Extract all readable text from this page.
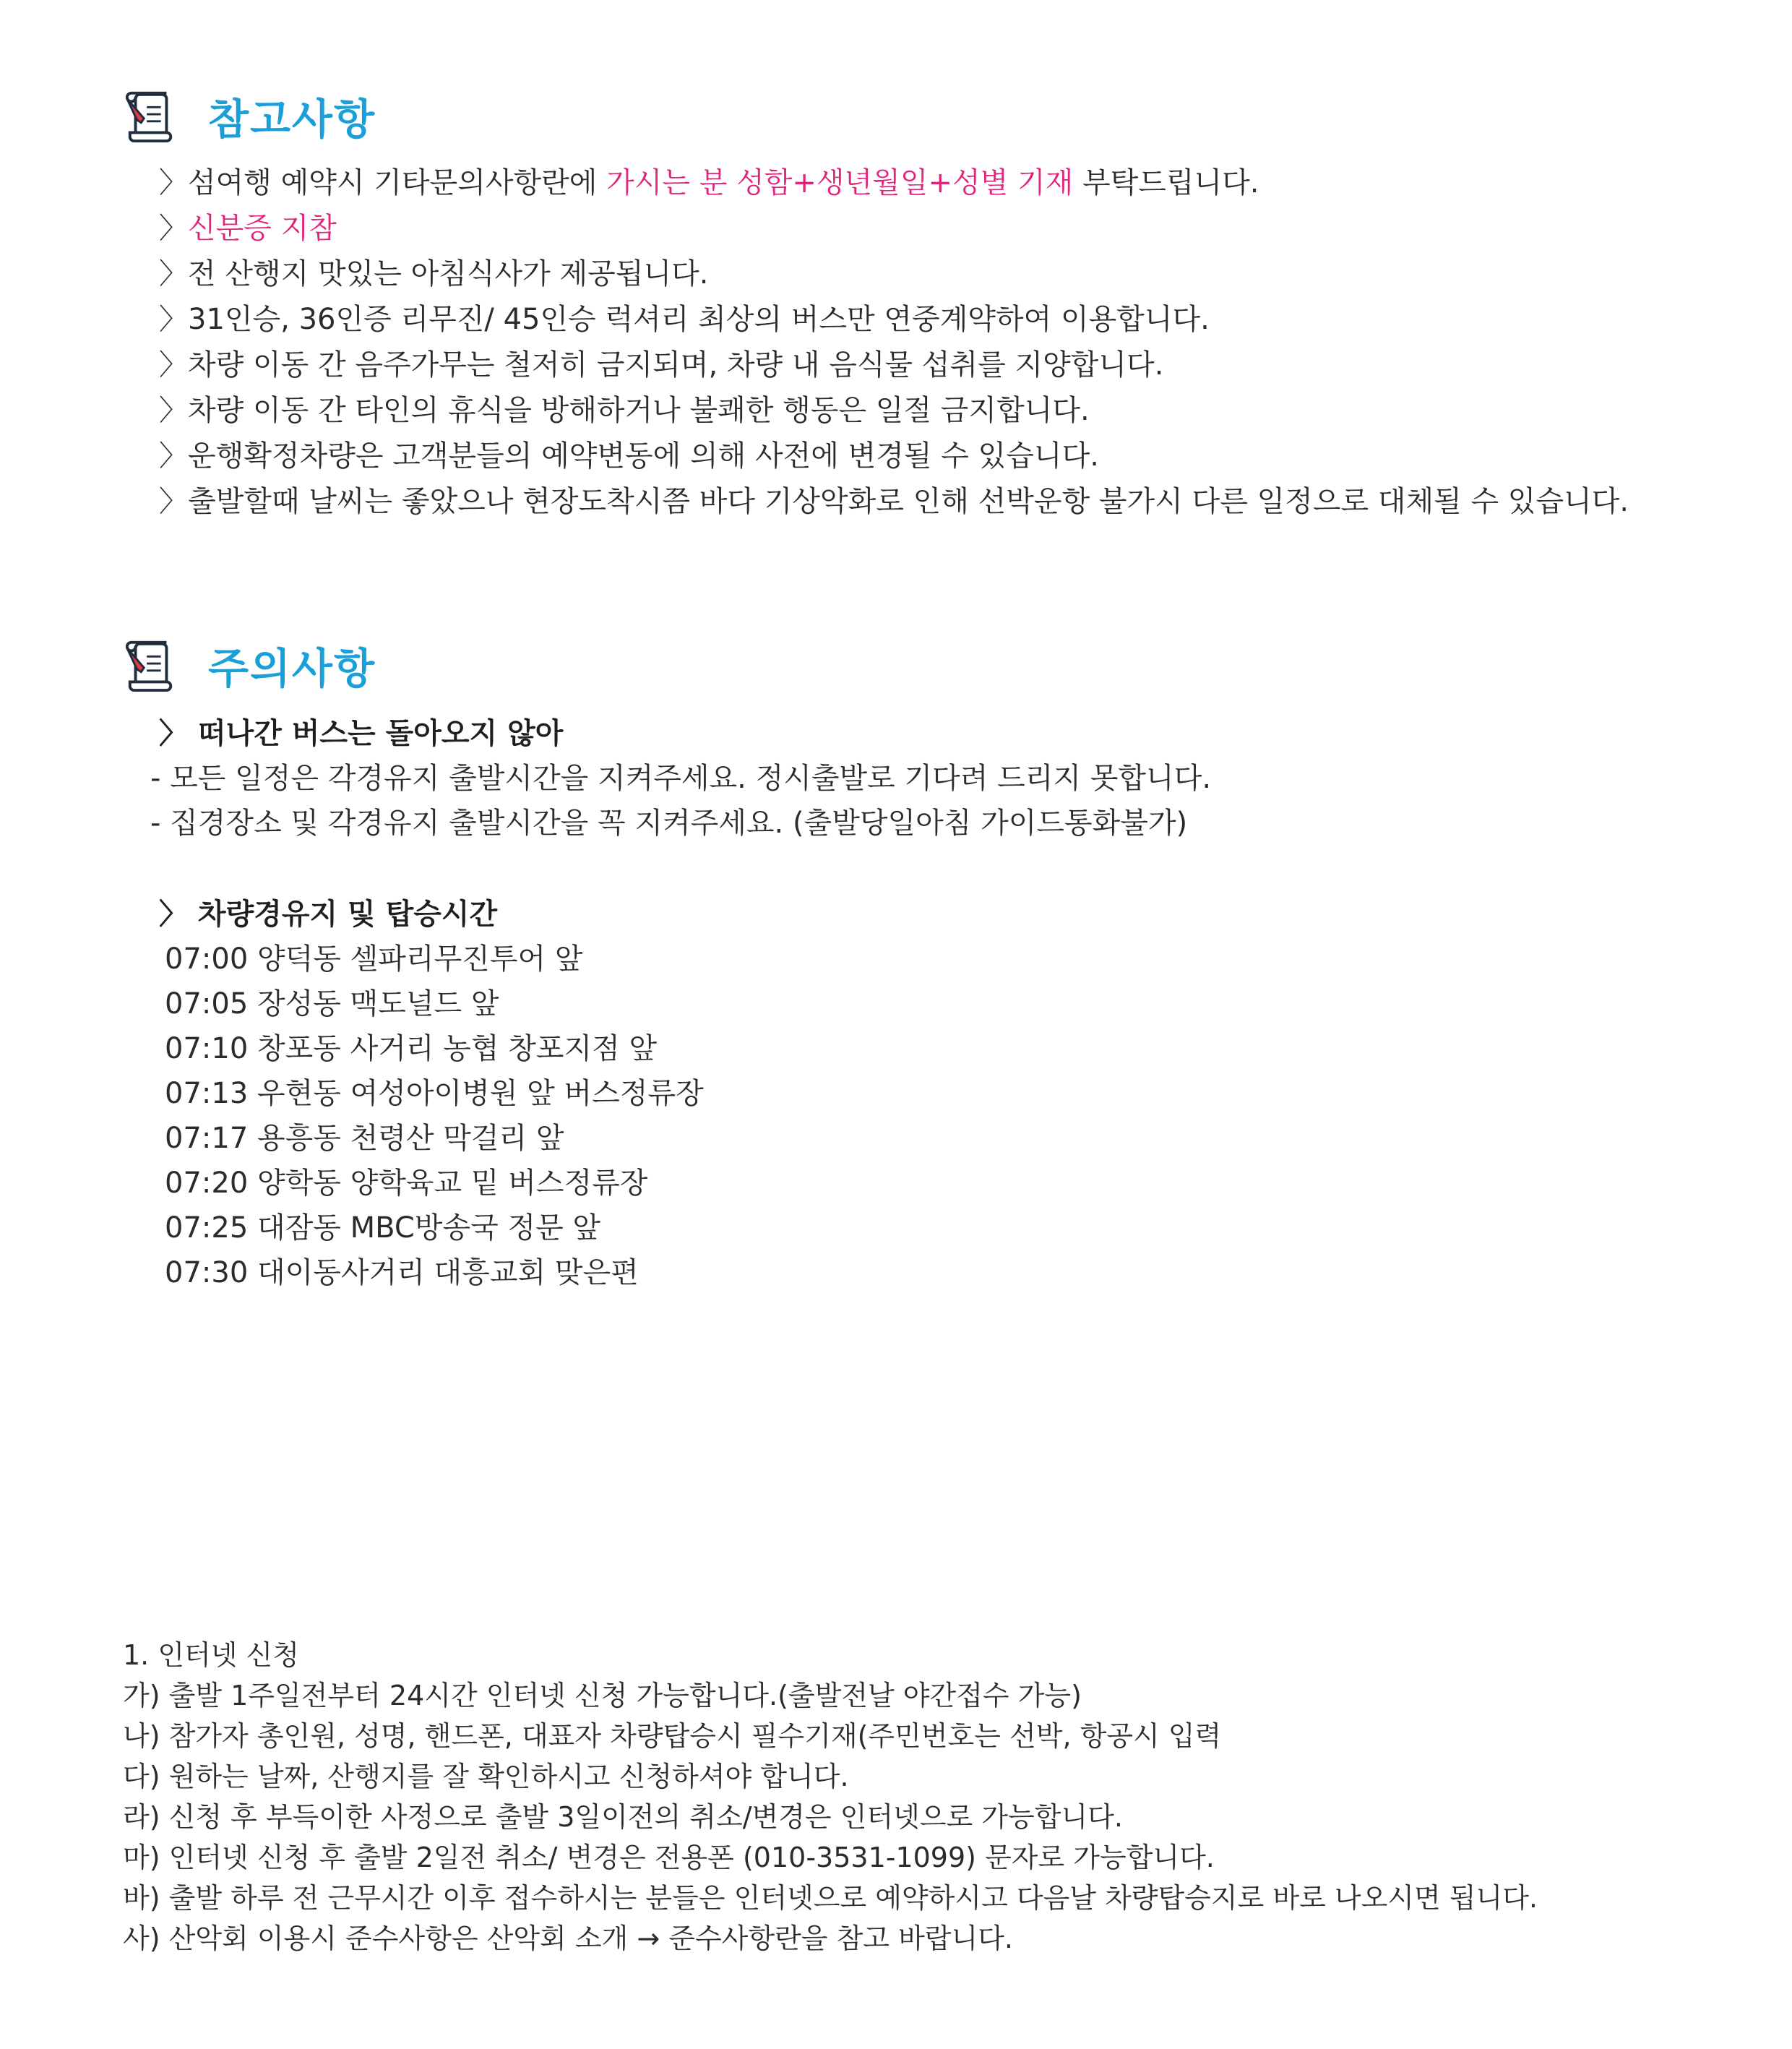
참고사항
〉섬여행 예약시 기타문의사항란에 가시는 분 성함+생년월일+성별 기재 부탁드립니다.
〉신분증 지참
〉전 산행지 맛있는 아침식사가 제공됩니다.
〉31인승, 36인증 리무진/ 45인승 럭셔리 최상의 버스만 연중계약하여 이용합니다.
〉차량 이동 간 음주가무는 철저히 금지되며, 차량 내 음식물 섭취를 지양합니다.
〉차량 이동 간 타인의 휴식을 방해하거나 불쾌한 행동은 일절 금지합니다.
〉운행확정차량은 고객분들의 예약변동에 의해 사전에 변경될 수 있습니다.
〉출발할때 날씨는 좋았으나 현장도착시쯤 바다 기상악화로 인해 선박운항 불가시 다른 일정으로 대체될 수 있습니다.
주의사항
〉 떠나간 버스는 돌아오지 않아
- 모든 일정은 각경유지 출발시간을 지켜주세요. 정시출발로 기다려 드리지 못합니다.
- 집경장소 및 각경유지 출발시간을 꼭 지켜주세요. (출발당일아침 가이드통화불가)
〉 차량경유지 및 탑승시간
07:00 양덕동 셀파리무진투어 앞
07:05 장성동 맥도널드 앞
07:10 창포동 사거리 농협 창포지점 앞
07:13 우현동 여성아이병원 앞 버스정류장
07:17 용흥동 천령산 막걸리 앞
07:20 양학동 양학육교 밑 버스정류장
07:25 대잠동 MBC방송국 정문 앞
07:30 대이동사거리 대흥교회 맞은편
1. 인터넷 신청
가) 출발 1주일전부터 24시간 인터넷 신청 가능합니다.(출발전날 야간접수 가능)
나) 참가자 총인원, 성명, 핸드폰, 대표자 차량탑승시 필수기재(주민번호는 선박, 항공시 입력
다) 원하는 날짜, 산행지를 잘 확인하시고 신청하셔야 합니다.
라) 신청 후 부득이한 사정으로 출발 3일이전의 취소/변경은 인터넷으로 가능합니다.
마) 인터넷 신청 후 출발 2일전 취소/ 변경은 전용폰 (010-3531-1099) 문자로 가능합니다.
바) 출발 하루 전 근무시간 이후 접수하시는 분들은 인터넷으로 예약하시고 다음날 차량탑승지로 바로 나오시면 됩니다.
사) 산악회 이용시 준수사항은 산악회 소개 → 준수사항란을 참고 바랍니다.
